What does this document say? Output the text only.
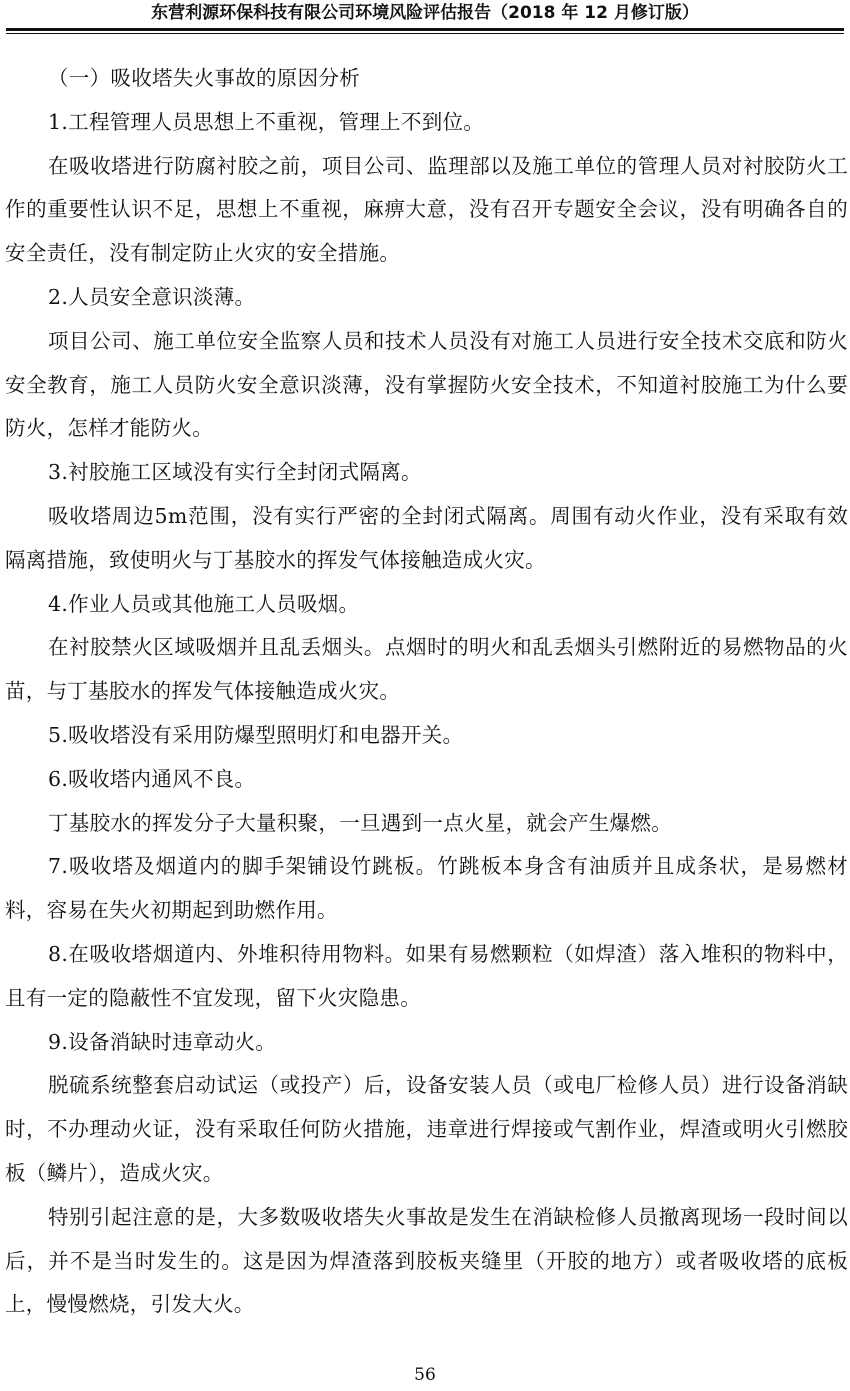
东营利源环保科技有限公司环境风险评估报告（2018 年 12 月修订版）

（一）吸收塔失火事故的原因分析

1.工程管理人员思想上不重视，管理上不到位。

在吸收塔进行防腐衬胶之前，项目公司、监理部以及施工单位的管理人员对衬胶防火工作的重要性认识不足，思想上不重视，麻痹大意，没有召开专题安全会议，没有明确各自的安全责任，没有制定防止火灾的安全措施。

2.人员安全意识淡薄。

项目公司、施工单位安全监察人员和技术人员没有对施工人员进行安全技术交底和防火安全教育，施工人员防火安全意识淡薄，没有掌握防火安全技术，不知道衬胶施工为什么要防火，怎样才能防火。

3.衬胶施工区域没有实行全封闭式隔离。

吸收塔周边5m范围，没有实行严密的全封闭式隔离。周围有动火作业，没有采取有效隔离措施，致使明火与丁基胶水的挥发气体接触造成火灾。

4.作业人员或其他施工人员吸烟。

在衬胶禁火区域吸烟并且乱丢烟头。点烟时的明火和乱丢烟头引燃附近的易燃物品的火苗，与丁基胶水的挥发气体接触造成火灾。

5.吸收塔没有采用防爆型照明灯和电器开关。

6.吸收塔内通风不良。

丁基胶水的挥发分子大量积聚，一旦遇到一点火星，就会产生爆燃。

7.吸收塔及烟道内的脚手架铺设竹跳板。竹跳板本身含有油质并且成条状，是易燃材料，容易在失火初期起到助燃作用。

8.在吸收塔烟道内、外堆积待用物料。如果有易燃颗粒（如焊渣）落入堆积的物料中，且有一定的隐蔽性不宜发现，留下火灾隐患。

9.设备消缺时违章动火。

脱硫系统整套启动试运（或投产）后，设备安装人员（或电厂检修人员）进行设备消缺时，不办理动火证，没有采取任何防火措施，违章进行焊接或气割作业，焊渣或明火引燃胶板（鳞片），造成火灾。

特别引起注意的是，大多数吸收塔失火事故是发生在消缺检修人员撤离现场一段时间以后，并不是当时发生的。这是因为焊渣落到胶板夹缝里（开胶的地方）或者吸收塔的底板上，慢慢燃烧，引发大火。

56
